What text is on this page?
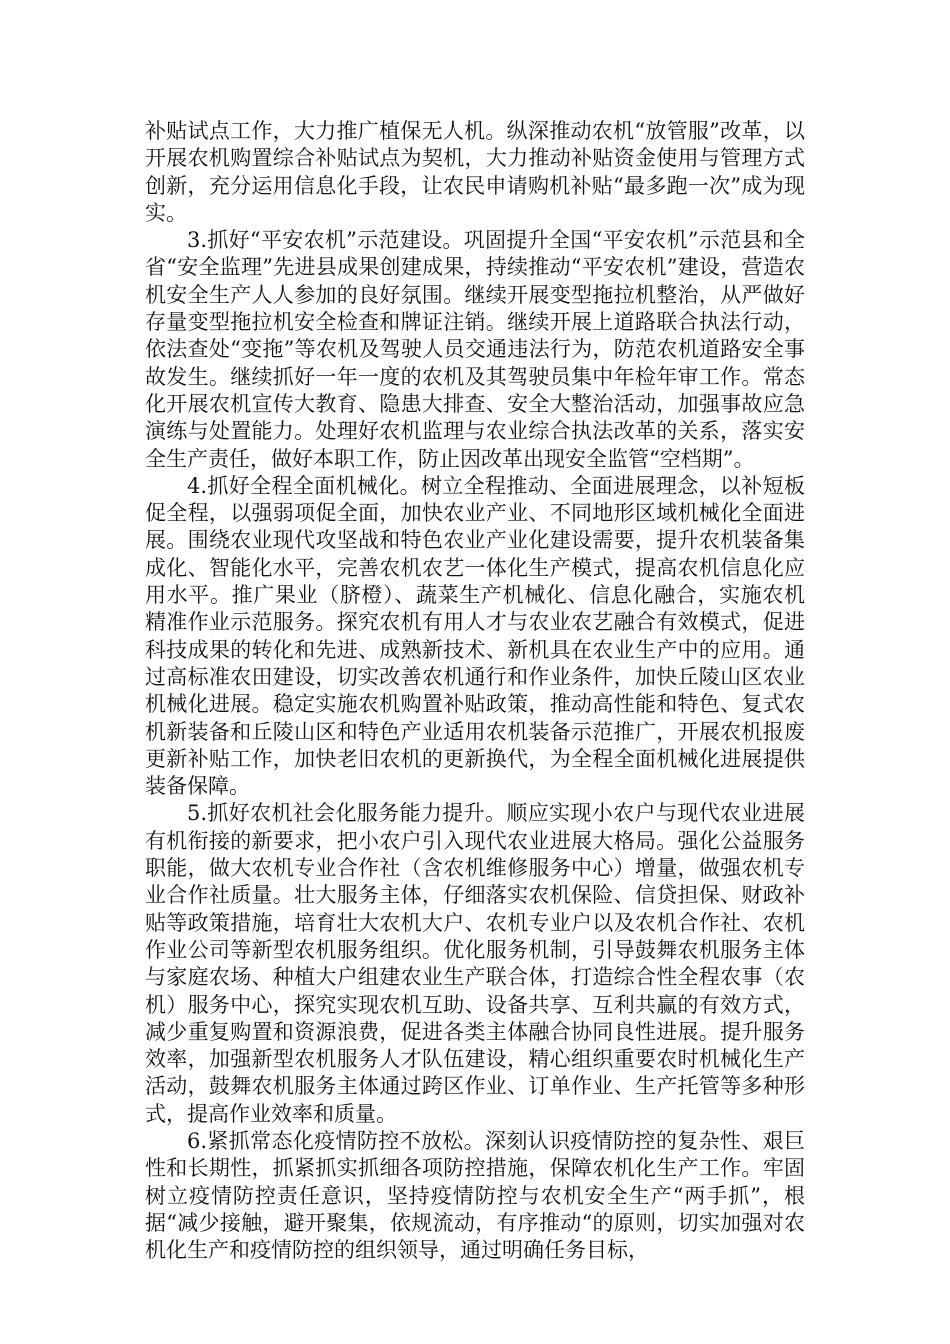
补贴试点工作，大力推广植保无人机。纵深推动农机“放管服”改革，以开展农机购置综合补贴试点为契机，大力推动补贴资金使用与管理方式创新，充分运用信息化手段，让农民申请购机补贴“最多跑一次”成为现实。

3.抓好“平安农机”示范建设。巩固提升全国“平安农机”示范县和全省“安全监理”先进县成果创建成果，持续推动“平安农机”建设，营造农机安全生产人人参加的良好氛围。继续开展变型拖拉机整治，从严做好存量变型拖拉机安全检查和牌证注销。继续开展上道路联合执法行动，依法查处“变拖”等农机及驾驶人员交通违法行为，防范农机道路安全事故发生。继续抓好一年一度的农机及其驾驶员集中年检年审工作。常态化开展农机宣传大教育、隐患大排查、安全大整治活动，加强事故应急演练与处置能力。处理好农机监理与农业综合执法改革的关系，落实安全生产责任，做好本职工作，防止因改革出现安全监管“空档期”。

4.抓好全程全面机械化。树立全程推动、全面进展理念，以补短板促全程，以强弱项促全面，加快农业产业、不同地形区域机械化全面进展。围绕农业现代攻坚战和特色农业产业化建设需要，提升农机装备集成化、智能化水平，完善农机农艺一体化生产模式，提高农机信息化应用水平。推广果业（脐橙）、蔬菜生产机械化、信息化融合，实施农机精准作业示范服务。探究农机有用人才与农业农艺融合有效模式，促进科技成果的转化和先进、成熟新技术、新机具在农业生产中的应用。通过高标准农田建设，切实改善农机通行和作业条件，加快丘陵山区农业机械化进展。稳定实施农机购置补贴政策，推动高性能和特色、复式农机新装备和丘陵山区和特色产业适用农机装备示范推广，开展农机报废更新补贴工作，加快老旧农机的更新换代，为全程全面机械化进展提供装备保障。

5.抓好农机社会化服务能力提升。顺应实现小农户与现代农业进展有机衔接的新要求，把小农户引入现代农业进展大格局。强化公益服务职能，做大农机专业合作社（含农机维修服务中心）增量，做强农机专业合作社质量。壮大服务主体，仔细落实农机保险、信贷担保、财政补贴等政策措施，培育壮大农机大户、农机专业户以及农机合作社、农机作业公司等新型农机服务组织。优化服务机制，引导鼓舞农机服务主体与家庭农场、种植大户组建农业生产联合体，打造综合性全程农事（农机）服务中心，探究实现农机互助、设备共享、互利共赢的有效方式，减少重复购置和资源浪费，促进各类主体融合协同良性进展。提升服务效率，加强新型农机服务人才队伍建设，精心组织重要农时机械化生产活动，鼓舞农机服务主体通过跨区作业、订单作业、生产托管等多种形式，提高作业效率和质量。

6.紧抓常态化疫情防控不放松。深刻认识疫情防控的复杂性、艰巨性和长期性，抓紧抓实抓细各项防控措施，保障农机化生产工作。牢固树立疫情防控责任意识，坚持疫情防控与农机安全生产“两手抓”，根据“减少接触，避开聚集，依规流动，有序推动“的原则，切实加强对农机化生产和疫情防控的组织领导，通过明确任务目标，
